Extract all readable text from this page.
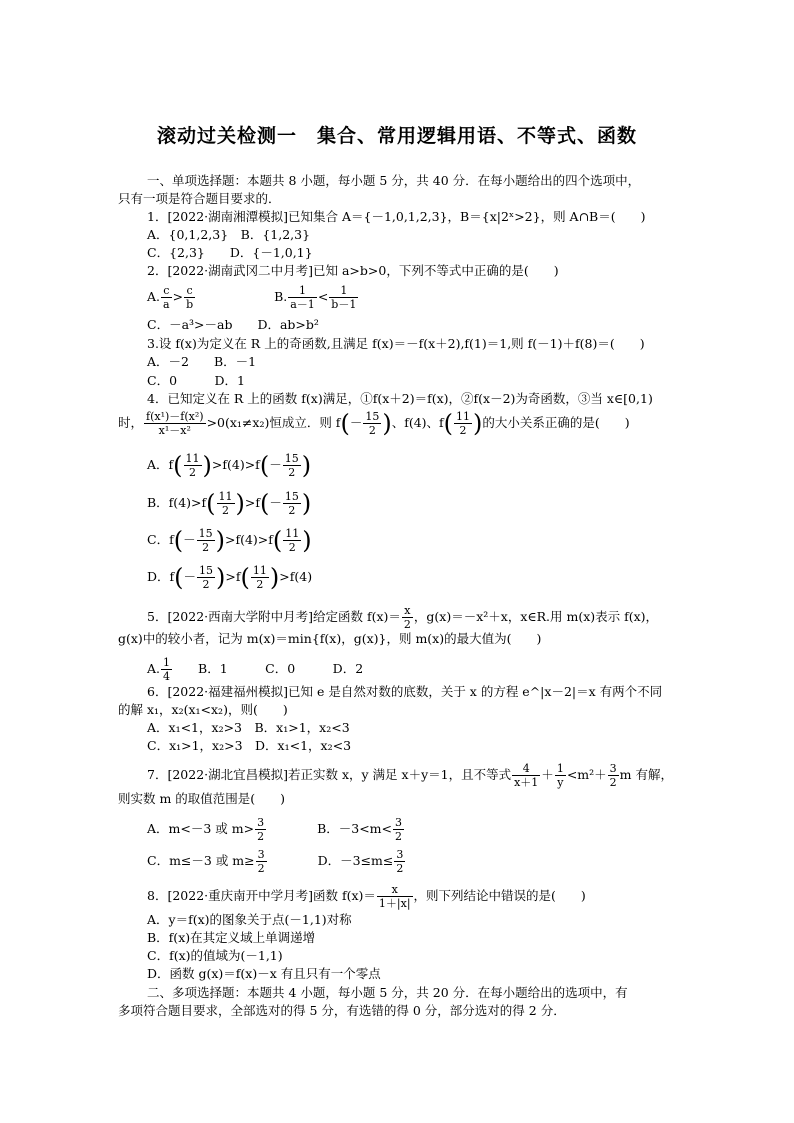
滚动过关检测一　集合、常用逻辑用语、不等式、函数
一、单项选择题：本题共 8 小题，每小题 5 分，共 40 分．在每小题给出的四个选项中，
只有一项是符合题目要求的．
1．[2022·湖南湘潭模拟]已知集合 A＝{－1,0,1,2,3}，B＝{x|2ˣ>2}，则 A∩B＝(　　)
A．{0,1,2,3}　B．{1,2,3}
C．{2,3}　　D．{－1,0,1}
2．[2022·湖南武冈二中月考]已知 a>b>0，下列不等式中正确的是(　　)
A. $\frac{c}{a} > \frac{c}{b}$	B. $\frac{1}{a-1} < \frac{1}{b-1}$
C．－a³>－ab　　D．ab>b²
3.设 f(x)为定义在 R 上的奇函数,且满足 f(x)＝－f(x＋2),f(1)＝1,则 f(－1)＋f(8)＝(　　)
A．－2　　B．－1
C．0　　　D．1
4．已知定义在 R 上的函数 f(x)满足，①f(x＋2)＝f(x)，②f(x－2)为奇函数，③当 x∈[0,1)
时， $\frac{\text{f(x¹)－f(x²)}}{\text{x¹－x²}} >0(x_1\ne x_2)$恒成立．则 $f(- \frac{15}{2}$ )、f(4)、$f( \frac{11}{2}$ )的大小关系正确的是(　　)
A．$f( \frac{11}{2} )>f(4)>f(- \frac{15}{2}$ )
B．$f(4)>f( \frac{11}{2} )>f(- \frac{15}{2}$ )
C．$f(- \frac{15}{2} )>f(4)>f( \frac{11}{2}$ )
D．$f(- \frac{15}{2} )>f( \frac{11}{2} )>f(4)$
5．[2022·西南大学附中月考]给定函数 $f(x)= \frac{x}{2}$ ，g(x)＝－x²＋x，x∈R.用 m(x)表示 f(x)，
g(x)中的较小者，记为 m(x)＝min{f(x)，g(x)}，则 m(x)的最大值为(　　)
A. $\frac{1}{4}$ 　　B．1　　　C．0　　　D．2
6．[2022·福建福州模拟]已知 e 是自然对数的底数，关于 x 的方程 e^|x－2|＝x 有两个不同
的解 x₁，x₂(x₁<x₂)，则(　　)
A．x₁<1，x₂>3　B．x₁>1，x₂<3
C．x₁>1，x₂>3　D．x₁<1，x₂<3
7．[2022·湖北宜昌模拟]若正实数 x，y 满足 x＋y＝1，且不等式 $\frac{4}{x+1} + \frac{1}{y} <m^2+ \frac{3}{2}$ m 有解，
则实数 m 的取值范围是(　　)
A．m<－3 或 $m> \frac{3}{2}$	B．$-3<m< \frac{3}{2}$
C．m≤－3 或 $m\ge \frac{3}{2}$	D．$-3\le m\le \frac{3}{2}$
8．[2022·重庆南开中学月考]函数 $f(x)= \frac{x}{1+|x|}$ ，则下列结论中错误的是(　　)
A．y＝f(x)的图象关于点(－1,1)对称
B．f(x)在其定义域上单调递增
C．f(x)的值域为(－1,1)
D．函数 g(x)＝f(x)－x 有且只有一个零点
二、多项选择题：本题共 4 小题，每小题 5 分，共 20 分．在每小题给出的选项中，有
多项符合题目要求，全部选对的得 5 分，有选错的得 0 分，部分选对的得 2 分．
